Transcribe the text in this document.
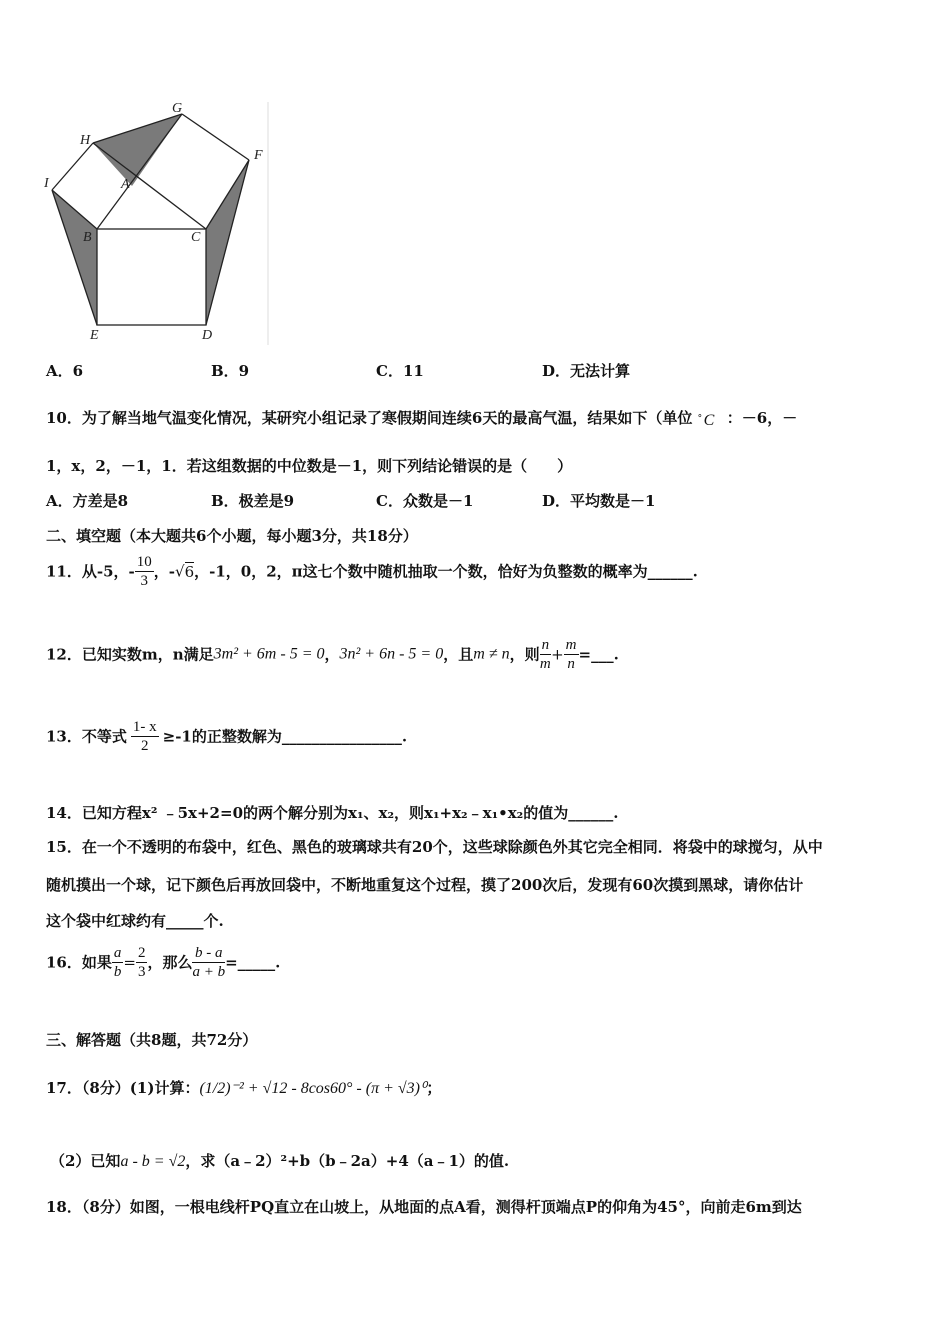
G
H
F
I	A
B	C
E	D
A．6	B．9	C．11	D．无法计算
10．为了解当地气温变化情况，某研究小组记录了寒假期间连续6天的最高气温，结果如下（单位 ° C ：－6，－
1，x，2，－1，1．若这组数据的中位数是－1，则下列结论错误的是（　　）
A．方差是8	B．极差是9	C．众数是－1	D．平均数是－1
二、填空题（本大题共6个小题，每小题3分，共18分）
11．从-5，- $\frac{10}{3}$ ，-√6，-1，0，2，π这七个数中随机抽取一个数，恰好为负整数的概率为______.
12．已知实数m，n满足3m² + 6m - 5 = 0，3n² + 6n - 5 = 0，且m ≠ n，则 $\frac{n}{m} + \frac{m}{n}$ =___.
13．不等式 $\frac{1- x}{2} \ge-1$的正整数解为________________.
14．已知方程x² ﹣5x+2=0的两个解分别为x₁、x₂，则x₁+x₂﹣x₁•x₂的值为______.
15．在一个不透明的布袋中，红色、黑色的玻璃球共有20个，这些球除颜色外其它完全相同．将袋中的球搅匀，从中
随机摸出一个球，记下颜色后再放回袋中，不断地重复这个过程，摸了200次后，发现有60次摸到黑球，请你估计
这个袋中红球约有_____个.
16．如果 $\frac{a}{b} = \frac{2}{3}$ ，那么 $\frac{b - a}{a + b}$ =_____.
三、解答题（共8题，共72分）
17．（8分）(1)计算：(1/2)⁻² + √12 - 8cos60° - (π + √3)⁰；
（2）已知a - b = √2，求（a﹣2）²+b（b﹣2a）+4（a﹣1）的值.
18．（8分）如图，一根电线杆PQ直立在山坡上，从地面的点A看，测得杆顶端点P的仰角为45°，向前走6m到达
